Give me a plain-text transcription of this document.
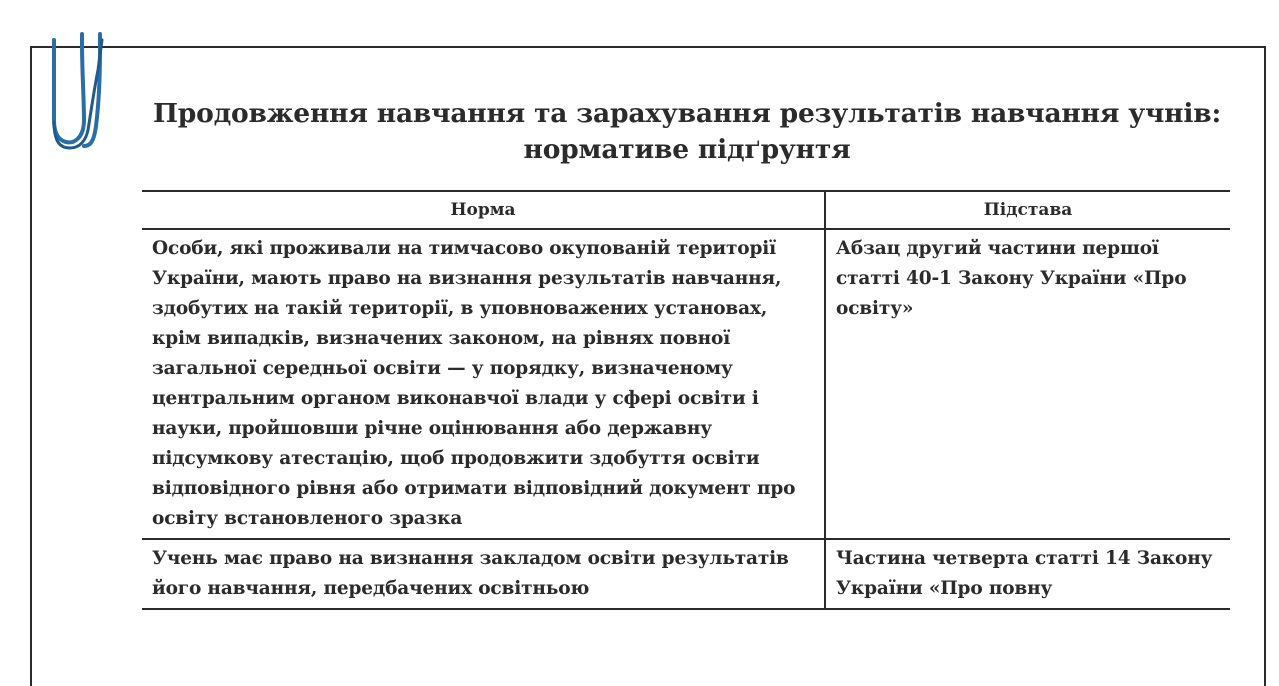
Продовження навчання та зарахування результатів навчання учнів:
нормативе підґрунтя
Норма	Підстава
Особи, які проживали на тимчасово окупованій території України, мають право на визнання результатів навчання, здобутих на такій території, в уповноважених установах, крім випадків, визначених законом, на рівнях повної загальної середньої освіти — у порядку, визначеному центральним органом виконавчої влади у сфері освіти і науки, пройшовши річне оцінювання або державну підсумкову атестацію, щоб продовжити здобуття освіти відповідного рівня або отримати відповідний документ про освіту встановленого зразка	Абзац другий частини першої статті 40-1 Закону України «Про освіту»
Учень має право на визнання закладом освіти результатів його навчання, передбачених освітньою	Частина четверта статті 14 Закону України «Про повну
